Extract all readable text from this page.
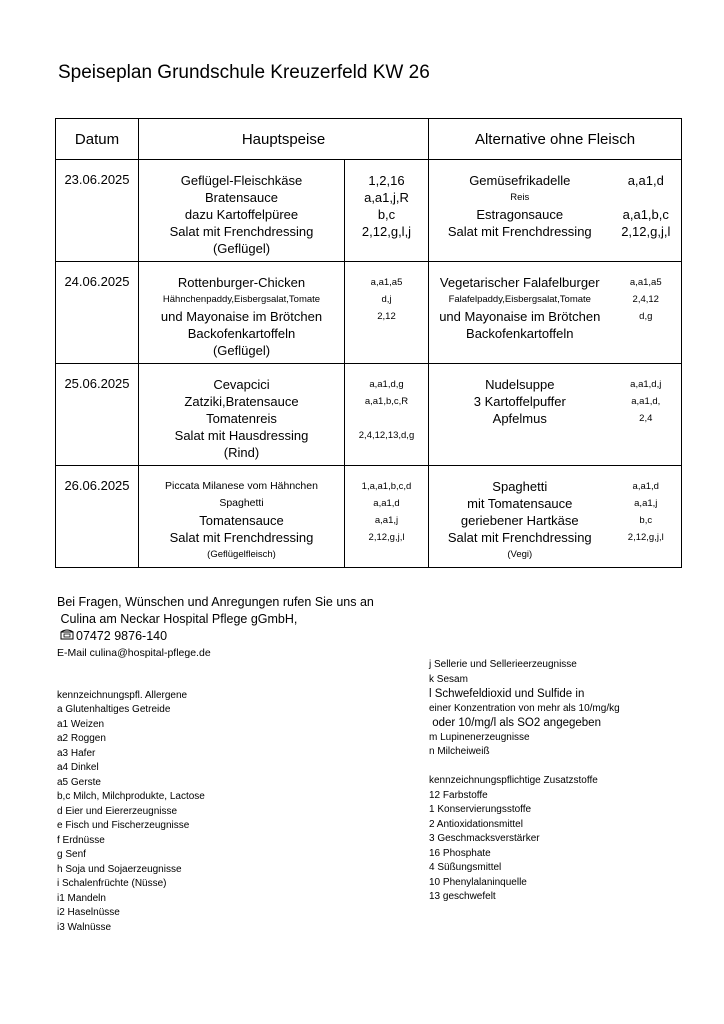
Speiseplan Grundschule Kreuzerfeld KW 26
Datum	Hauptspeise		Alternative ohne Fleisch	
23.06.2025	Geflügel-Fleischkäse
Bratensauce
dazu Kartoffelpüree
Salat mit Frenchdressing
(Geflügel)	1,2,16
a,a1,j,R
b,c
2,12,g,l,j	Gemüsefrikadelle
Reis
Estragonsauce
Salat mit Frenchdressing	a,a1,d

a,a1,b,c
2,12,g,j,l

24.06.2025	Rottenburger-Chicken
Hähnchenpaddy,Eisbergsalat,Tomate
und Mayonaise im Brötchen
Backofenkartoffeln
(Geflügel)	a,a1,a5
d,j
2,12	Vegetarischer Falafelburger
Falafelpaddy,Eisbergsalat,Tomate
und Mayonaise im Brötchen
Backofenkartoffeln	a,a1,a5
2,4,12
d,g

25.06.2025	Cevapcici
Zatziki,Bratensauce
Tomatenreis
Salat mit Hausdressing
(Rind)	a,a1,d,g
a,a1,b,c,R

2,4,12,13,d,g	Nudelsuppe
3 Kartoffelpuffer
Apfelmus	a,a1,d,j
a,a1,d,
2,4

26.06.2025	Piccata Milanese vom Hähnchen
Spaghetti
Tomatensauce
Salat mit Frenchdressing
(Geflügelfleisch)	1,a,a1,b,c,d
a,a1,d
a,a1,j
2,12,g,j,l	Spaghetti
mit Tomatensauce
geriebener Hartkäse
Salat mit Frenchdressing
(Vegi)	a,a1,d
a,a1,j
b,c
2,12,g,j,l

Bei Fragen, Wünschen und Anregungen rufen Sie uns an
Culina am Neckar Hospital Pflege gGmbH,
07472 9876-140
E-Mail culina@hospital-pflege.de
kennzeichnungspfl. Allergene
a Glutenhaltiges Getreide
a1 Weizen
a2 Roggen
a3 Hafer
a4 Dinkel
a5 Gerste
b,c Milch, Milchprodukte, Lactose
d Eier und Eiererzeugnisse
e Fisch und Fischerzeugnisse
f Erdnüsse
g Senf
h Soja und Sojaerzeugnisse
i Schalenfrüchte (Nüsse)
i1 Mandeln
i2 Haselnüsse
i3 Walnüsse
j Sellerie und Sellerieerzeugnisse
k Sesam
l Schwefeldioxid und Sulfide in
einer Konzentration von mehr als 10/mg/kg
oder 10/mg/l als SO2 angegeben
m Lupinenerzeugnisse
n Milcheiweiß
kennzeichnungspflichtige Zusatzstoffe
12 Farbstoffe
1 Konservierungsstoffe
2 Antioxidationsmittel
3 Geschmacksverstärker
16 Phosphate
4 Süßungsmittel
10 Phenylalaninquelle
13 geschwefelt
